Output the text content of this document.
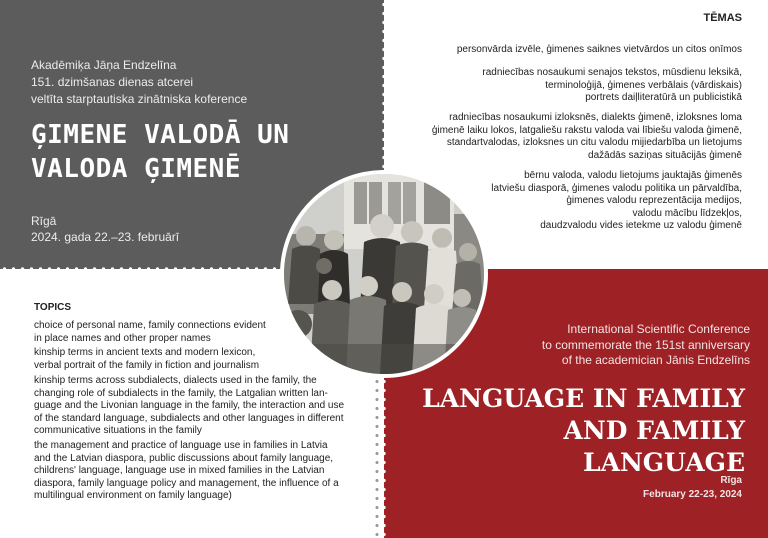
Akadēmiķa Jāņa Endzelīna
151. dzimšanas dienas atcerei
veltīta starptautiska zinātniska koference
ĢIMENE VALODĀ UN
VALODA ĢIMENĒ
Rīgā
2024. gada 22.–23. februārī
TĒMAS
personvārda izvēle, ģimenes saiknes vietvārdos un citos onīmos
radniecības nosaukumi senajos tekstos, mūsdienu leksikā,
terminoloģijā, ģimenes verbālais (vārdiskais)
portrets daiļliteratūrā un publicistikā
radniecības nosaukumi izloksnēs, dialekts ģimenē, izloksnes loma
ģimenē laiku lokos, latgaliešu rakstu valoda vai lībiešu valoda ģimenē,
standartvalodas, izloksnes un citu valodu mijiedarbība un lietojums
dažādās saziņas situācijās ģimenē
bērnu valoda, valodu lietojums jauktajās ģimenēs
latviešu diasporā, ģimenes valodu politika un pārvaldība,
ģimenes valodu reprezentācija medijos,
valodu mācību līdzekļos,
daudzvalodu vides ietekme uz valodu ģimenē
TOPICS
choice of personal name, family connections evident
in place names and other proper names
kinship terms in ancient texts and modern lexicon,
verbal portrait of the family in fiction and journalism
kinship terms across subdialects, dialects used in the family, the
changing role of subdialects in the family, the Latgalian written lan-
guage and the Livonian language in the family, the interaction and use
of the standard language, subdialects and other languages in different
communicative situations in the family
the management and practice of language use in families in Latvia
and the Latvian diaspora, public discussions about family language,
childrens' language, language use in mixed families in the Latvian
diaspora, family language policy and management, the influence of a
multilingual environment on family language)
International Scientific Conference
to commemorate the 151st anniversary
of the academician Jānis Endzelīns
LANGUAGE IN FAMILY
AND FAMILY LANGUAGE
Rīga
February 22-23, 2024
